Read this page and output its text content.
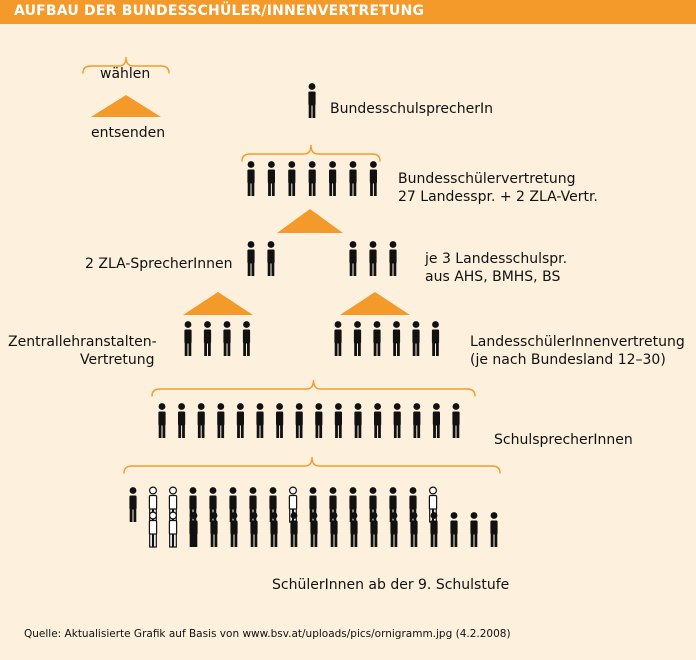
AUFBAU DER BUNDESSCHÜLER/INNENVERTRETUNG
wählen
entsenden
BundesschulsprecherIn
Bundesschülervertretung
27 Landesspr. + 2 ZLA-Vertr.
2 ZLA-SprecherInnen	je 3 Landesschulspr.
aus AHS, BMHS, BS
Zentrallehranstalten-
Vertretung
LandesschülerInnenvertretung
(je nach Bundesland 12–30)
SchulsprecherInnen
SchülerInnen ab der 9. Schulstufe
Quelle: Aktualisierte Grafik auf Basis von www.bsv.at/uploads/pics/ornigramm.jpg (4.2.2008)
